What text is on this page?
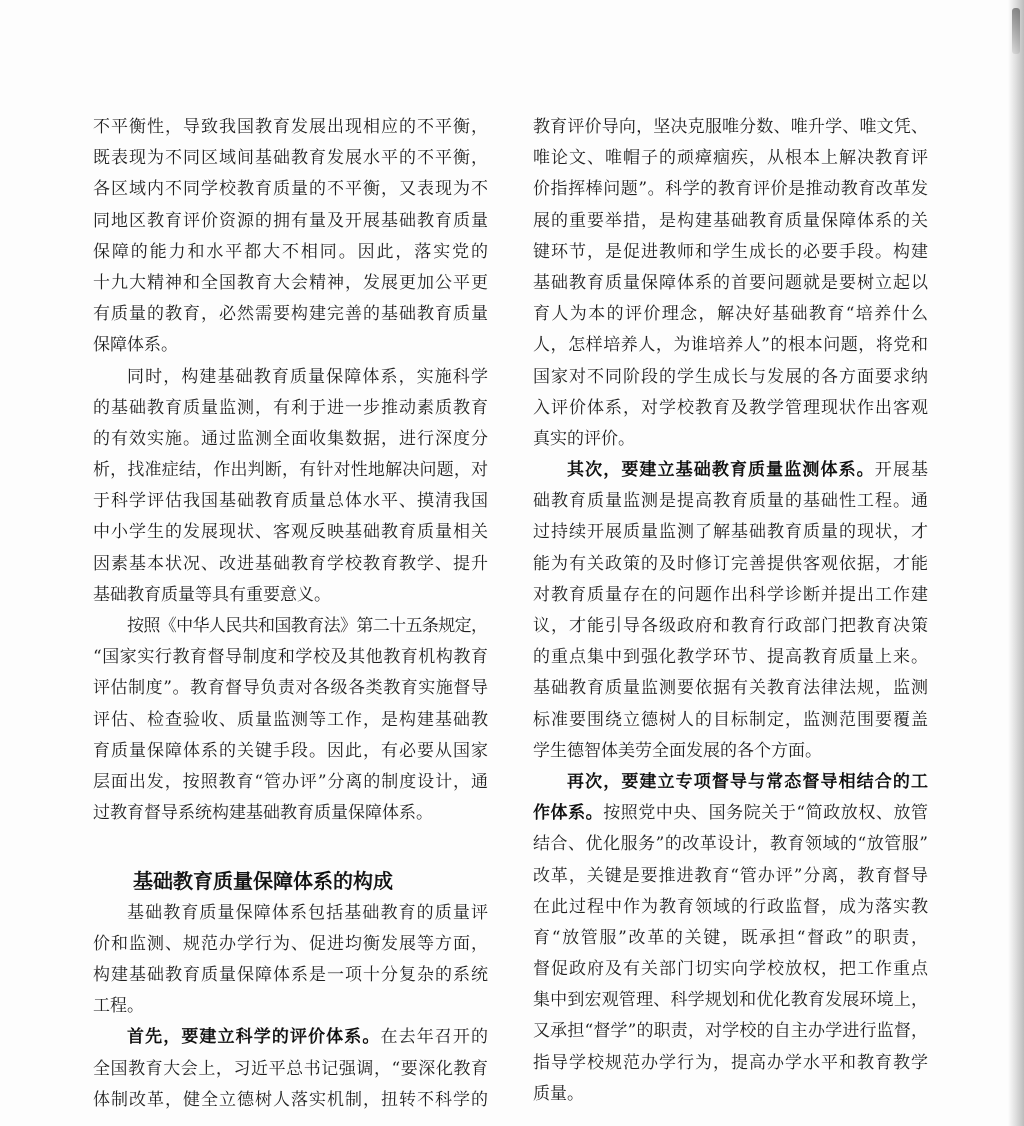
不平衡性，导致我国教育发展出现相应的不平衡，
既表现为不同区域间基础教育发展水平的不平衡，
各区域内不同学校教育质量的不平衡，又表现为不
同地区教育评价资源的拥有量及开展基础教育质量
保障的能力和水平都大不相同。因此，落实党的
十九大精神和全国教育大会精神，发展更加公平更
有质量的教育，必然需要构建完善的基础教育质量
保障体系。
同时，构建基础教育质量保障体系，实施科学
的基础教育质量监测，有利于进一步推动素质教育
的有效实施。通过监测全面收集数据，进行深度分
析，找准症结，作出判断，有针对性地解决问题，对
于科学评估我国基础教育质量总体水平、摸清我国
中小学生的发展现状、客观反映基础教育质量相关
因素基本状况、改进基础教育学校教育教学、提升
基础教育质量等具有重要意义。
按照《中华人民共和国教育法》第二十五条规定，
“国家实行教育督导制度和学校及其他教育机构教育
评估制度”。教育督导负责对各级各类教育实施督导
评估、检查验收、质量监测等工作，是构建基础教
育质量保障体系的关键手段。因此，有必要从国家
层面出发，按照教育“管办评”分离的制度设计，通
过教育督导系统构建基础教育质量保障体系。
基础教育质量保障体系的构成
基础教育质量保障体系包括基础教育的质量评
价和监测、规范办学行为、促进均衡发展等方面，
构建基础教育质量保障体系是一项十分复杂的系统
工程。
首先，要建立科学的评价体系。在去年召开的
全国教育大会上，习近平总书记强调，“要深化教育
体制改革，健全立德树人落实机制，扭转不科学的
教育评价导向，坚决克服唯分数、唯升学、唯文凭、
唯论文、唯帽子的顽瘴痼疾，从根本上解决教育评
价指挥棒问题”。科学的教育评价是推动教育改革发
展的重要举措，是构建基础教育质量保障体系的关
键环节，是促进教师和学生成长的必要手段。构建
基础教育质量保障体系的首要问题就是要树立起以
育人为本的评价理念，解决好基础教育“培养什么
人，怎样培养人，为谁培养人”的根本问题，将党和
国家对不同阶段的学生成长与发展的各方面要求纳
入评价体系，对学校教育及教学管理现状作出客观
真实的评价。
其次，要建立基础教育质量监测体系。开展基
础教育质量监测是提高教育质量的基础性工程。通
过持续开展质量监测了解基础教育质量的现状，才
能为有关政策的及时修订完善提供客观依据，才能
对教育质量存在的问题作出科学诊断并提出工作建
议，才能引导各级政府和教育行政部门把教育决策
的重点集中到强化教学环节、提高教育质量上来。
基础教育质量监测要依据有关教育法律法规，监测
标准要围绕立德树人的目标制定，监测范围要覆盖
学生德智体美劳全面发展的各个方面。
再次，要建立专项督导与常态督导相结合的工
作体系。按照党中央、国务院关于“简政放权、放管
结合、优化服务”的改革设计，教育领域的“放管服”
改革，关键是要推进教育“管办评”分离，教育督导
在此过程中作为教育领域的行政监督，成为落实教
育“放管服”改革的关键，既承担“督政”的职责，
督促政府及有关部门切实向学校放权，把工作重点
集中到宏观管理、科学规划和优化教育发展环境上，
又承担“督学”的职责，对学校的自主办学进行监督，
指导学校规范办学行为，提高办学水平和教育教学
质量。
